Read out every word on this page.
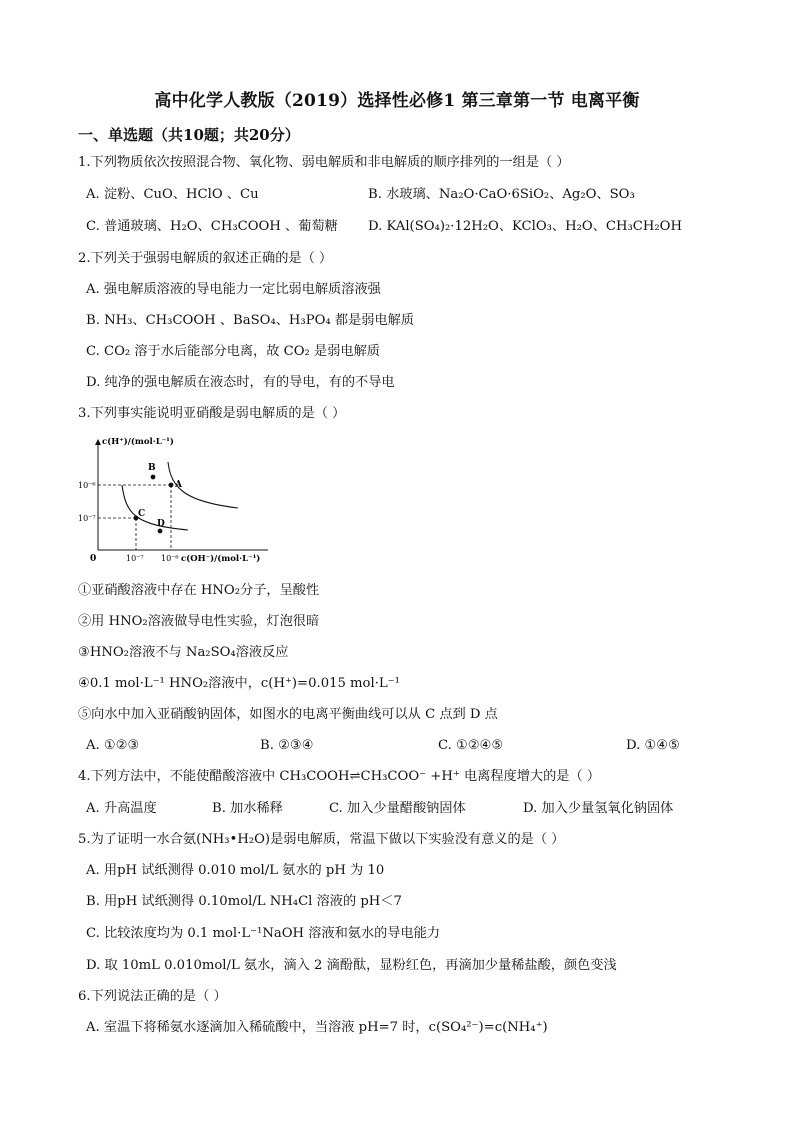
高中化学人教版（2019）选择性必修1 第三章第一节 电离平衡
一、单选题（共10题；共20分）
1.下列物质依次按照混合物、氧化物、弱电解质和非电解质的顺序排列的一组是（ ）
A. 淀粉、CuO、HClO 、Cu	B. 水玻璃、Na₂O·CaO·6SiO₂、Ag₂O、SO₃
C. 普通玻璃、H₂O、CH₃COOH 、葡萄糖 D. KAl(SO₄)₂·12H₂O、KClO₃、H₂O、CH₃CH₂OH
2.下列关于强弱电解质的叙述正确的是（ ）
A. 强电解质溶液的导电能力一定比弱电解质溶液强
B. NH₃、CH₃COOH 、BaSO₄、H₃PO₄ 都是弱电解质
C. CO₂ 溶于水后能部分电离，故 CO₂ 是弱电解质
D. 纯净的强电解质在液态时，有的导电，有的不导电
3.下列事实能说明亚硝酸是弱电解质的是（ ）
c(H⁺)/(mol·L⁻¹)
B
A
C
D
10⁻⁶
10⁻⁷
0	10⁻⁷ 10⁻⁶ c(OH⁻)/(mol·L⁻¹)
①亚硝酸溶液中存在 HNO₂分子，呈酸性
②用 HNO₂溶液做导电性实验，灯泡很暗
③HNO₂溶液不与 Na₂SO₄溶液反应
④0.1 mol·L⁻¹ HNO₂溶液中，c(H⁺)=0.015 mol·L⁻¹
⑤向水中加入亚硝酸钠固体，如图水的电离平衡曲线可以从 C 点到 D 点
A. ①②③	B. ②③④	C. ①②④⑤	D. ①④⑤
4.下列方法中，不能使醋酸溶液中 CH₃COOH⇌CH₃COO⁻ +H⁺ 电离程度增大的是（ ）
A. 升高温度	B. 加水稀释	C. 加入少量醋酸钠固体	D. 加入少量氢氧化钠固体
5.为了证明一水合氨(NH₃•H₂O)是弱电解质，常温下做以下实验没有意义的是（ ）
A. 用pH 试纸测得 0.010 mol/L 氨水的 pH 为 10
B. 用pH 试纸测得 0.10mol/L NH₄Cl 溶液的 pH＜7
C. 比较浓度均为 0.1 mol·L⁻¹NaOH 溶液和氨水的导电能力
D. 取 10mL 0.010mol/L 氨水，滴入 2 滴酚酞，显粉红色，再滴加少量稀盐酸，颜色变浅
6.下列说法正确的是（ ）
A. 室温下将稀氨水逐滴加入稀硫酸中，当溶液 pH=7 时，c(SO₄²⁻)=c(NH₄⁺)
